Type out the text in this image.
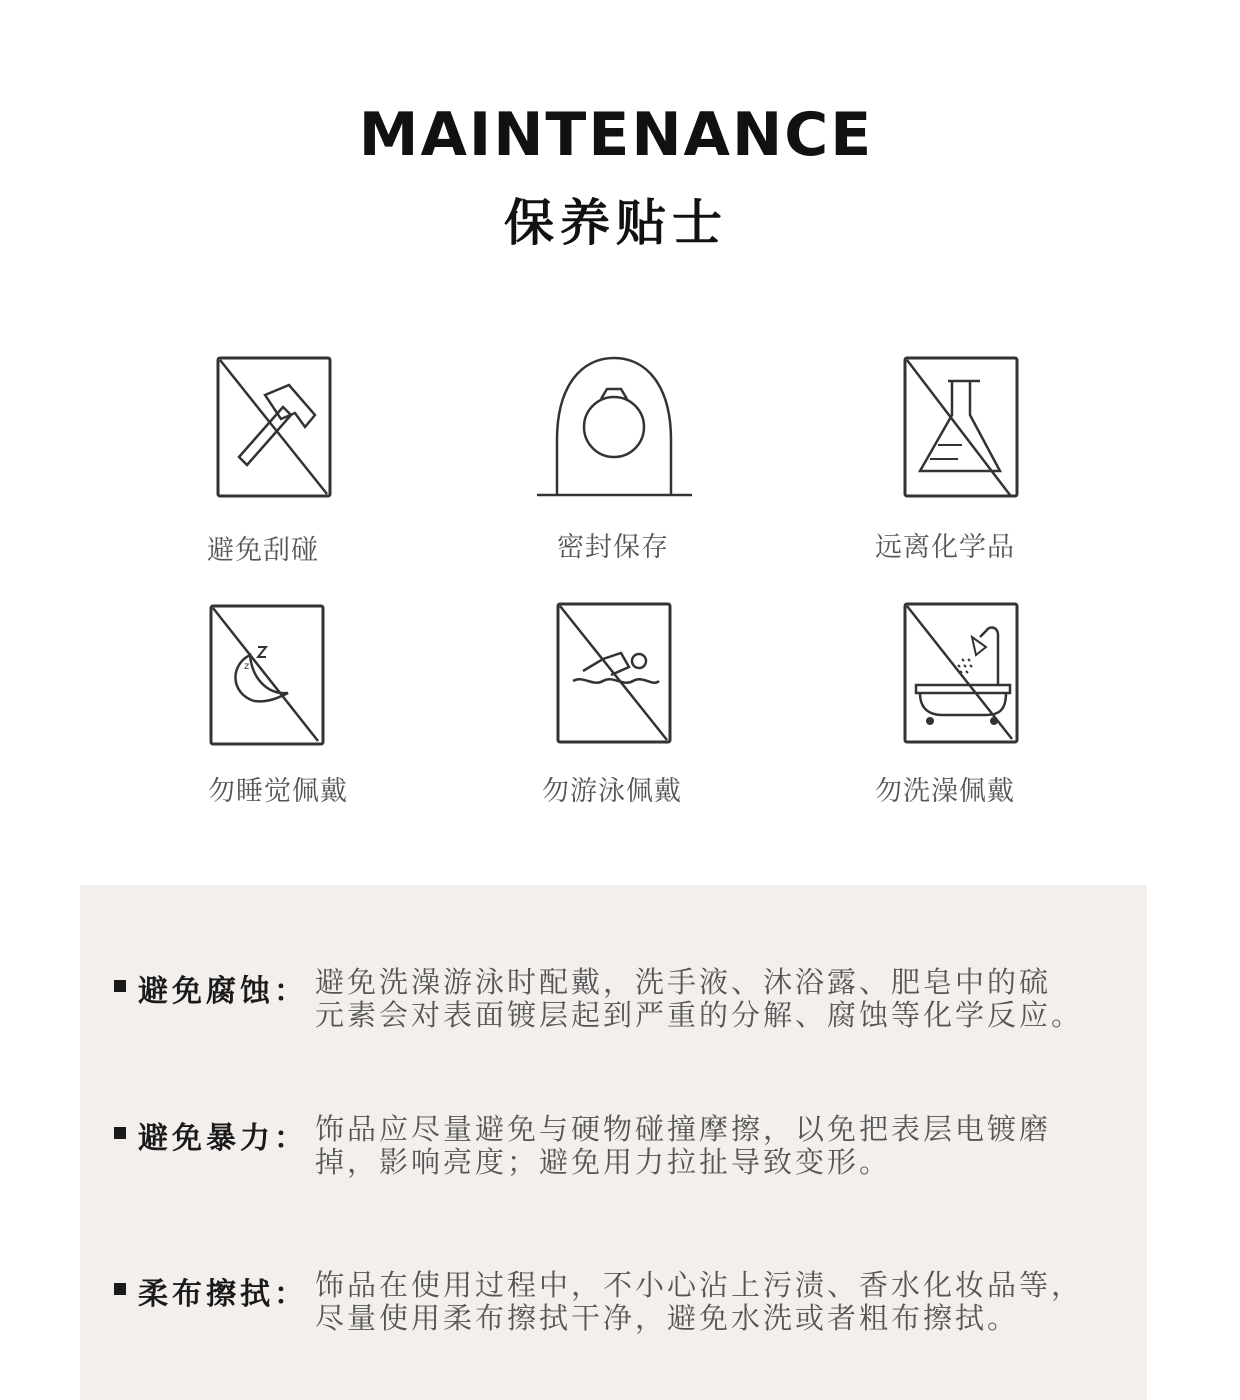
MAINTENANCE
保养贴士
避免刮碰	密封保存	远离化学品
z
勿睡觉佩戴	勿游泳佩戴	勿洗澡佩戴
避免腐蚀： 避免洗澡游泳时配戴，洗手液、沐浴露、肥皂中的硫
元素会对表面镀层起到严重的分解、腐蚀等化学反应。
避免暴力： 饰品应尽量避免与硬物碰撞摩擦，以免把表层电镀磨
掉，影响亮度；避免用力拉扯导致变形。
柔布擦拭： 饰品在使用过程中，不小心沾上污渍、香水化妆品等，
尽量使用柔布擦拭干净，避免水洗或者粗布擦拭。
